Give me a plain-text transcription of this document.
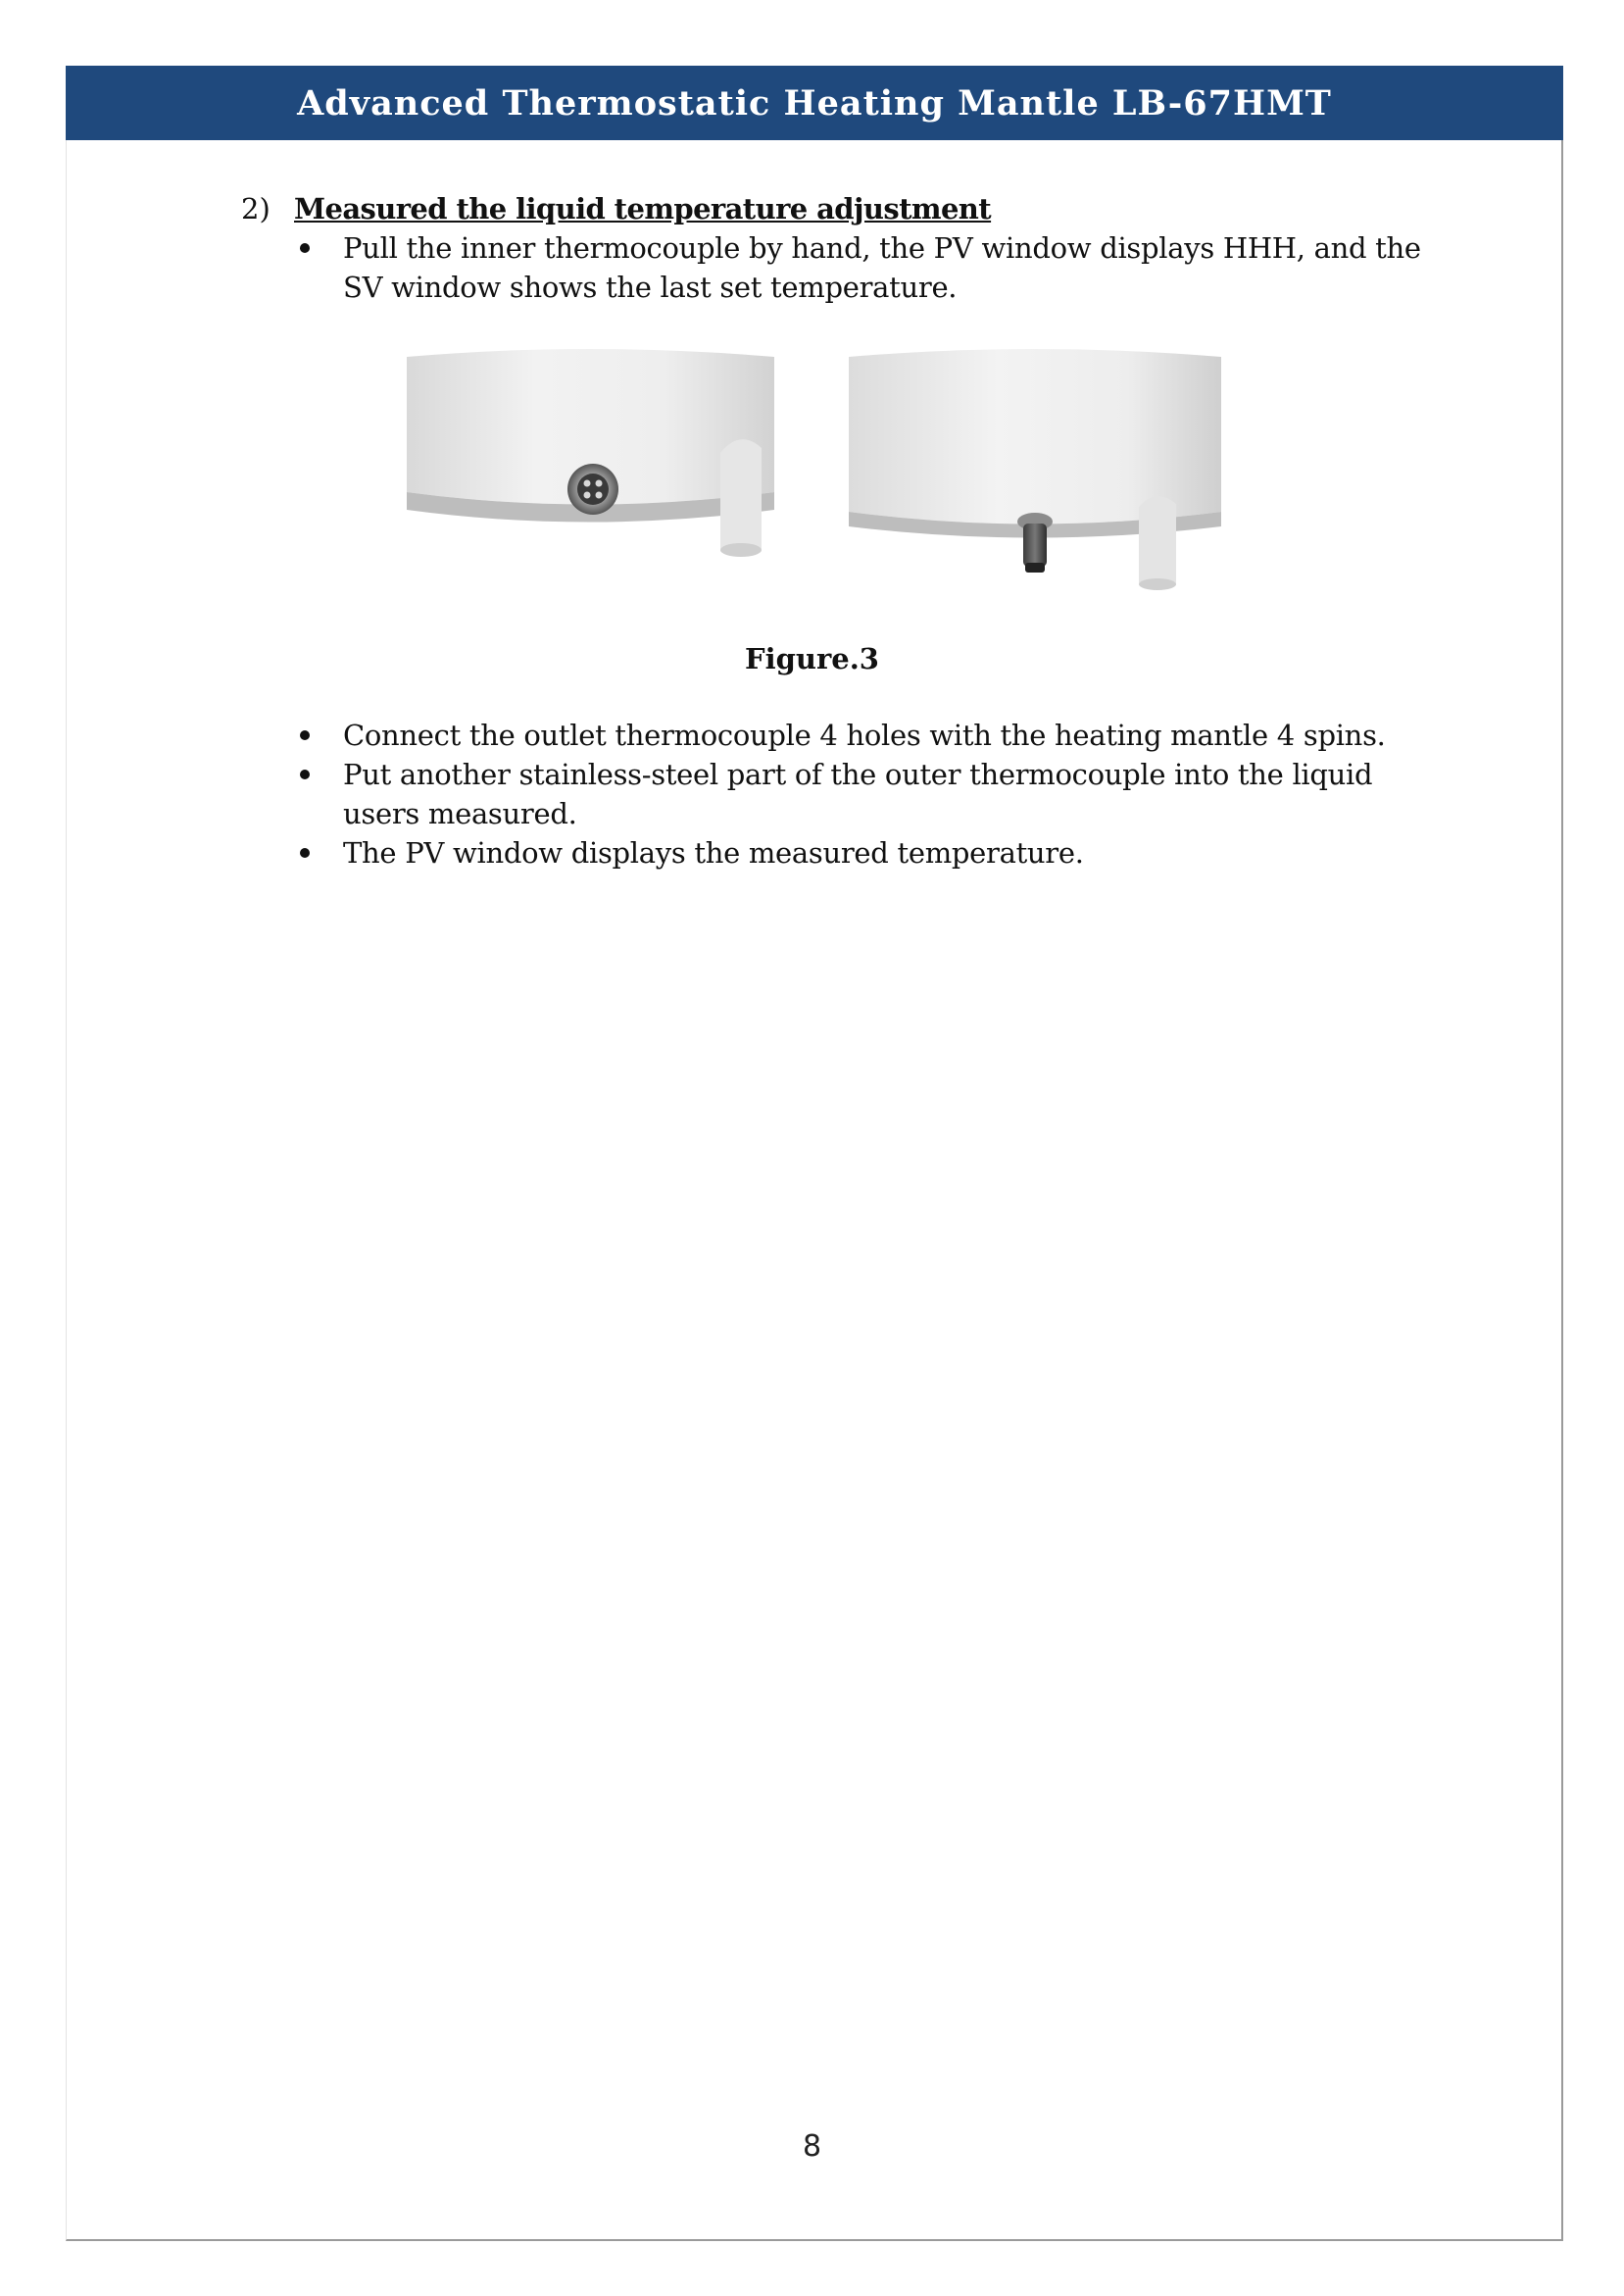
Advanced Thermostatic Heating Mantle LB-67HMT
2) Measured the liquid temperature adjustment
Pull the inner thermocouple by hand, the PV window displays HHH, and the SV window shows the last set temperature.
Figure.3
Connect the outlet thermocouple 4 holes with the heating mantle 4 spins.
Put another stainless-steel part of the outer thermocouple into the liquid users measured.
The PV window displays the measured temperature.
8
